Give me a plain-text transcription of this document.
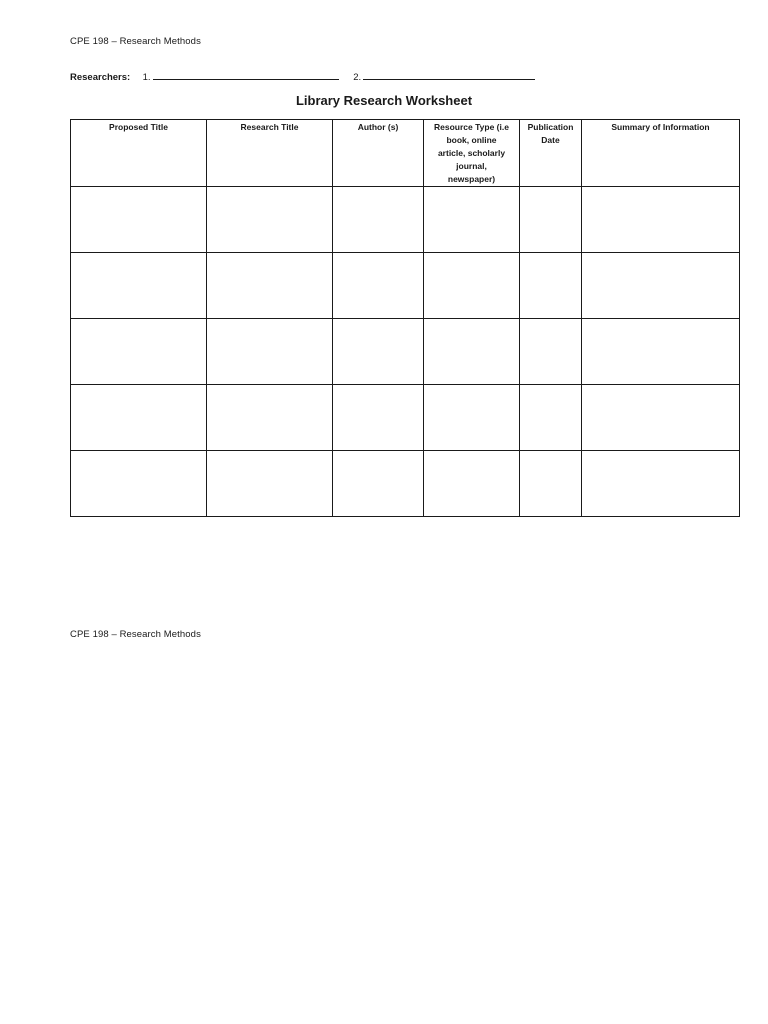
CPE 198 – Research Methods
Researchers: 1.	2.
Library Research Worksheet
Proposed Title	Research Title	Author (s)	Resource Type (i.e book, online article, scholarly journal, newspaper)	Publication Date	Summary of Information

CPE 198 – Research Methods
